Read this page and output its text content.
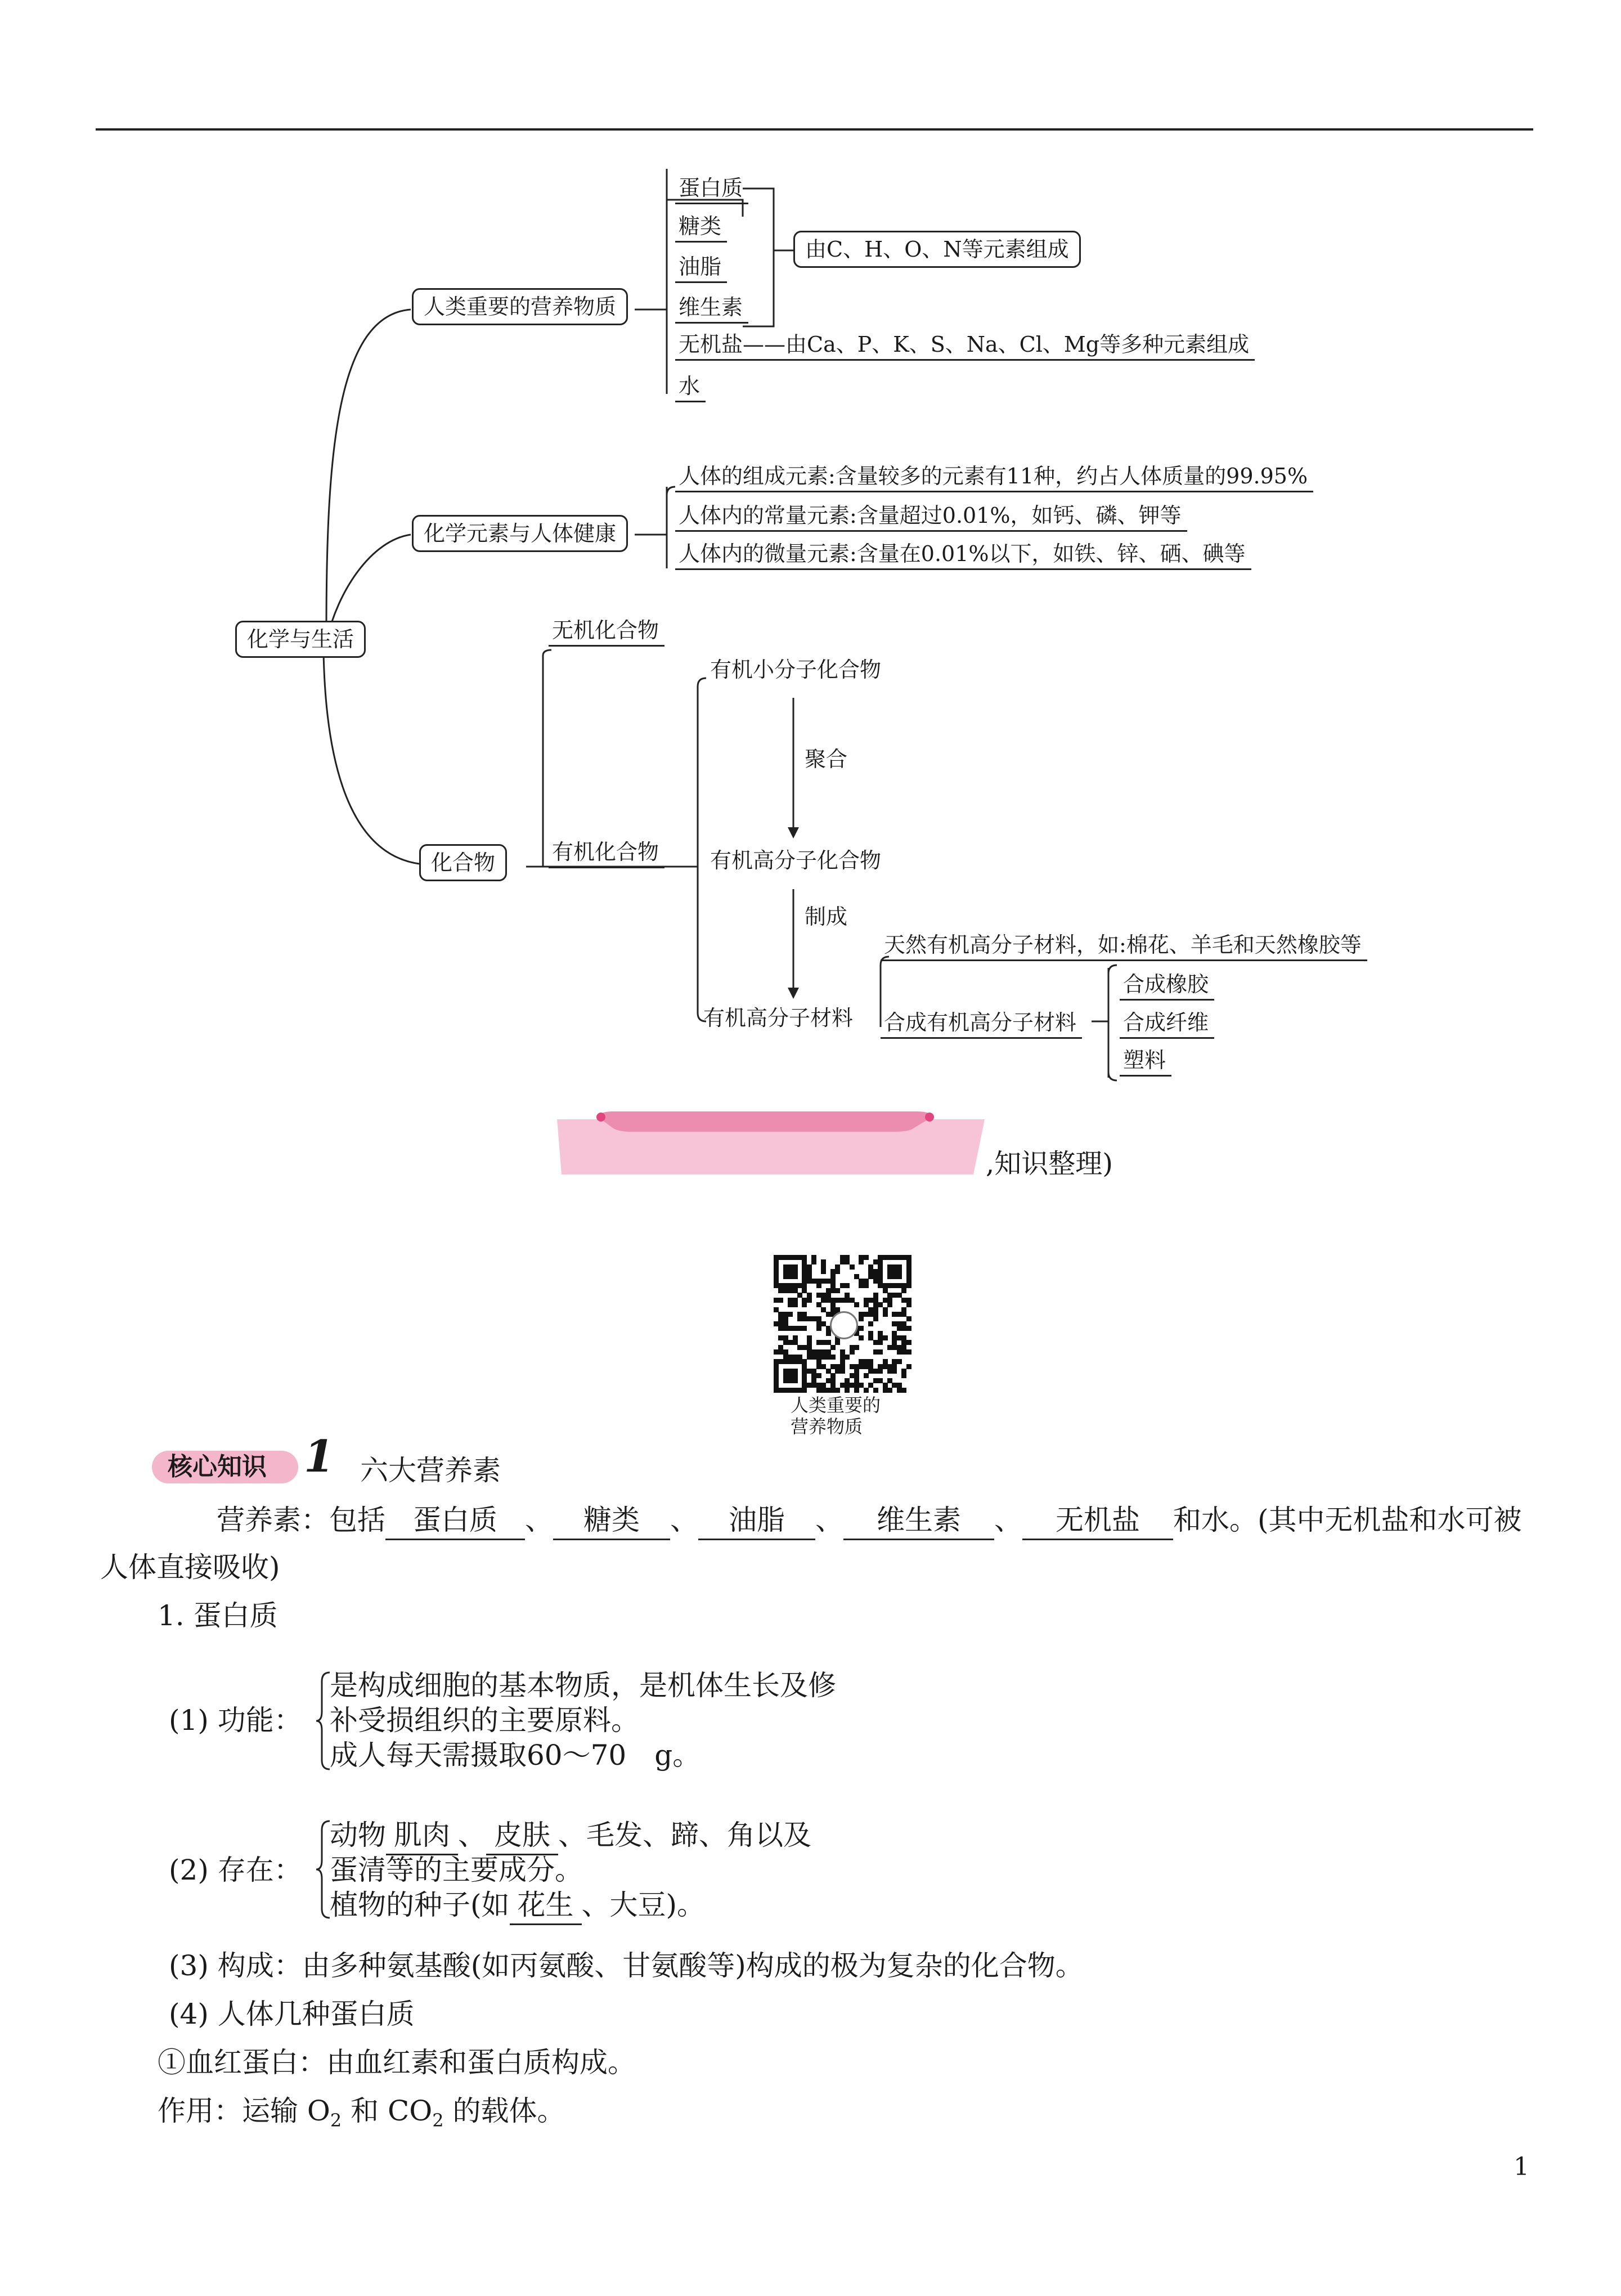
化学与生活
人类重要的营养物质
蛋白质
糖类
油脂
维生素
由C、H、O、N等元素组成
无机盐——由Ca、P、K、S、Na、Cl、Mg等多种元素组成
水
化学元素与人体健康
人体的组成元素:含量较多的元素有11种，约占人体质量的99.95%
人体内的常量元素:含量超过0.01%，如钙、磷、钾等
人体内的微量元素:含量在0.01%以下，如铁、锌、硒、碘等
化合物
无机化合物
有机化合物
有机小分子化合物
聚合
有机高分子化合物
制成
有机高分子材料
天然有机高分子材料，如:棉花、羊毛和天然橡胶等
合成有机高分子材料
合成橡胶
合成纤维
塑料
,知识整理)
人类重要的
营养物质
核心知识 1 六大营养素
营养素：包括 蛋白质 、 糖类 、 油脂 、 维生素 、 无机盐 和水。(其中无机盐和水可被
人体直接吸收)
1. 蛋白质
(1) 功能：
是构成细胞的基本物质，是机体生长及修
补受损组织的主要原料。
成人每天需摄取60～70　g。
(2) 存在：
动物 肌肉 、 皮肤 、毛发、蹄、角以及
蛋清等的主要成分。
植物的种子(如 花生 、大豆)。
(3) 构成：由多种氨基酸(如丙氨酸、甘氨酸等)构成的极为复杂的化合物。
(4) 人体几种蛋白质
①血红蛋白：由血红素和蛋白质构成。
作用：运输 $O_2$ 和 $CO_2$ 的载体。
1
